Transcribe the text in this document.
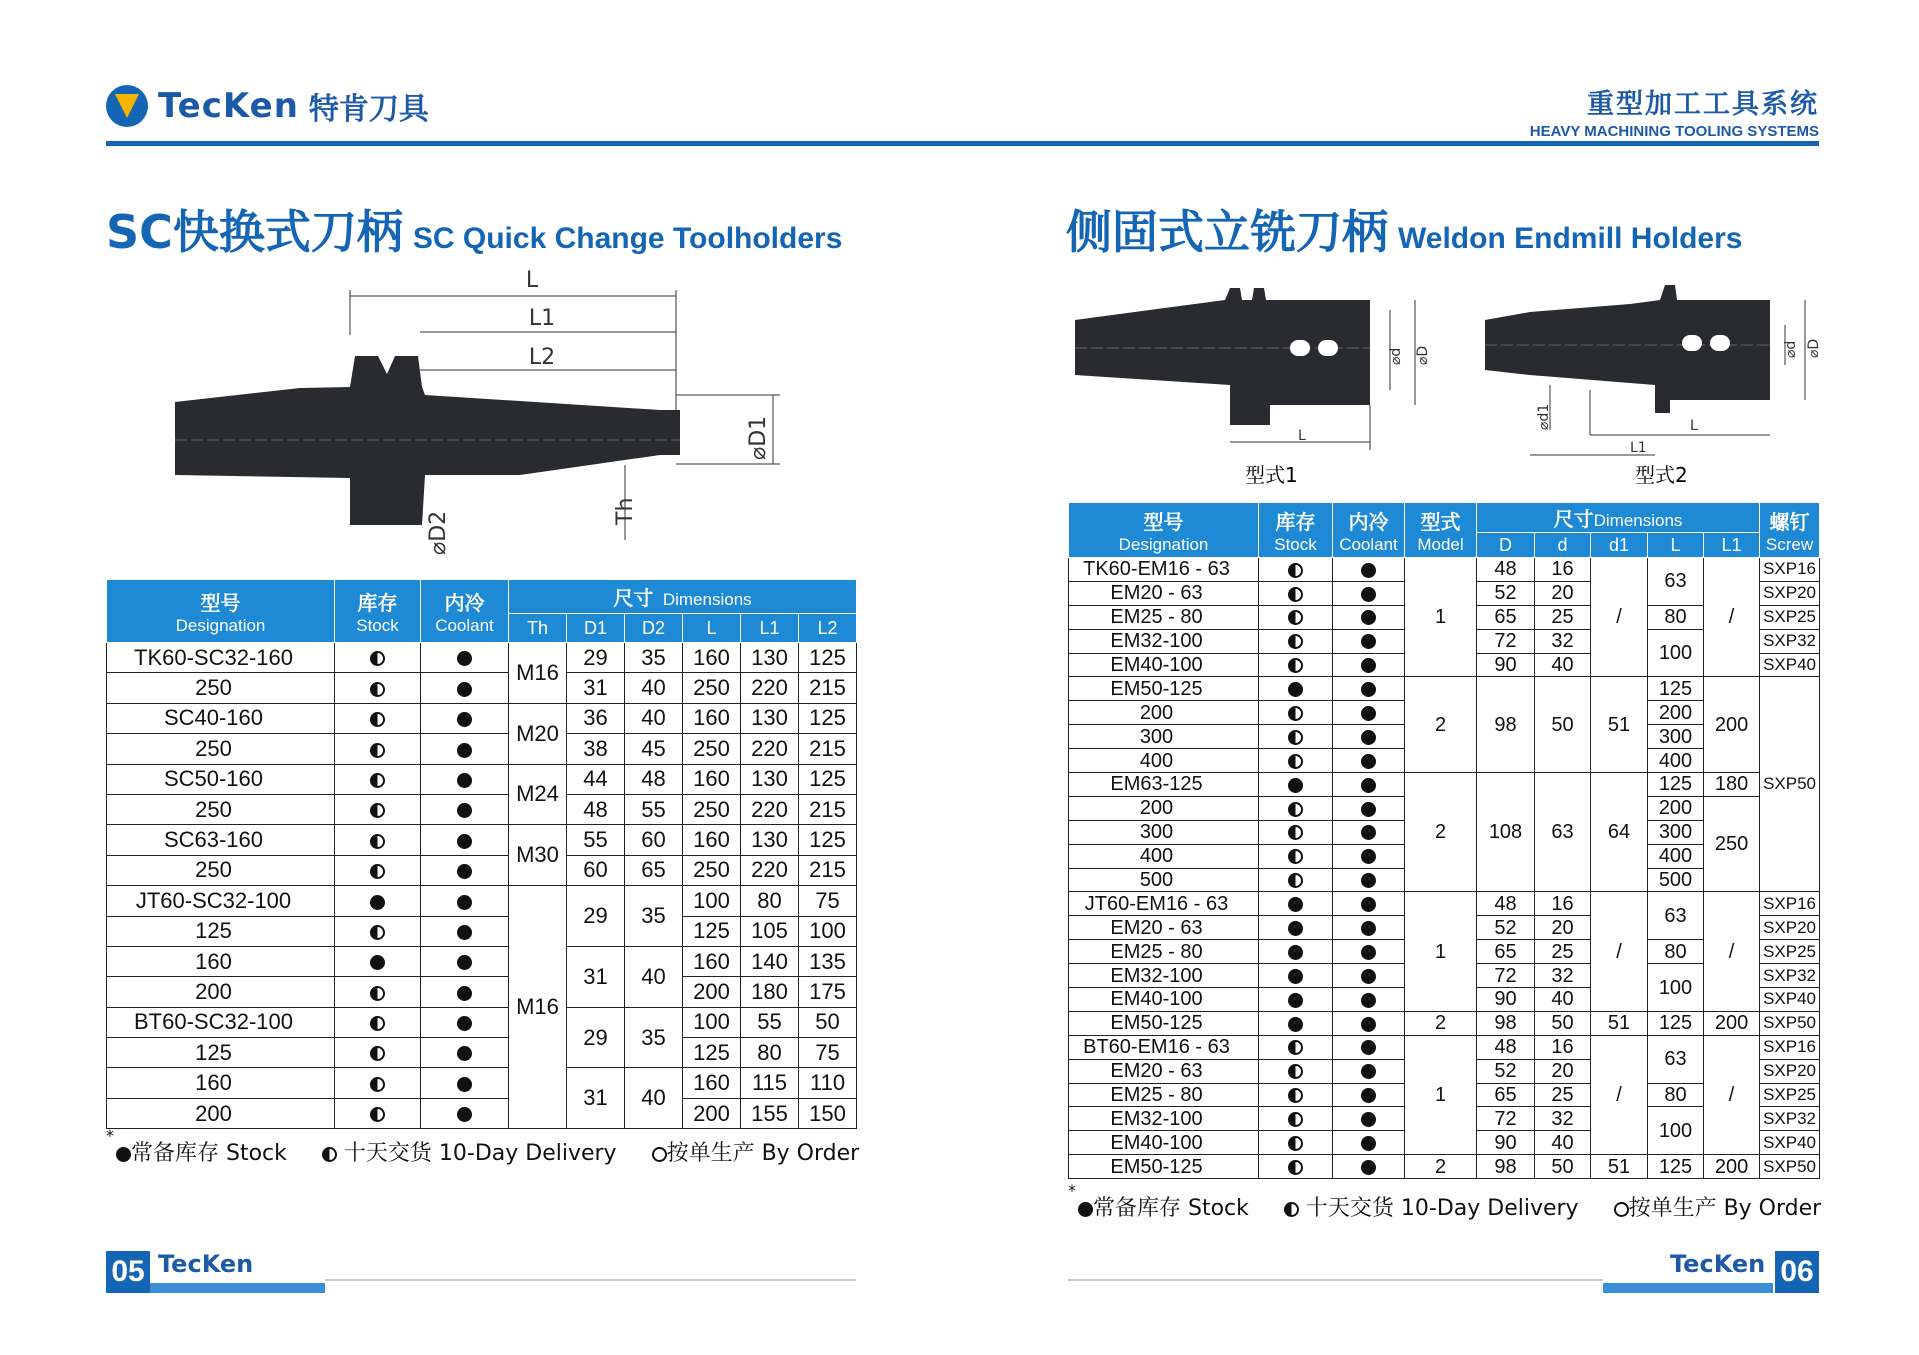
TecKen 特肯刀具	重型加工工具系统
HEAVY MACHINING TOOLING SYSTEMS
SC快换式刀柄 SC Quick Change Toolholders
L
L1
L2
⌀D1
⌀D2	Th
型号
Designation	库存
Stock	内冷
Coolant	尺寸 Dimensions					
			Th	D1	D2	L	L1	L2
TK60-SC32-160			M16	29	35	160	130	125
250				31	40	250	220	215
SC40-160			M20	36	40	160	130	125
250				38	45	250	220	215
SC50-160			M24	44	48	160	130	125
250				48	55	250	220	215
SC63-160			M30	55	60	160	130	125
250				60	65	250	220	215
JT60-SC32-100			M16	29	35	100	80	75
125						125	105	100
160				31	40	160	140	135
200						200	180	175
BT60-SC32-100				29	35	100	55	50
125						125	80	75
160				31	40	160	115	110
200						200	155	150
*
常备库存 Stock	十天交货 10-Day Delivery 按单生产 By Order
侧固式立铣刀柄 Weldon Endmill Holders
L
⌀d ⌀D
L
L1
⌀d ⌀D
⌀d1
型式1	型式2
型号
Designation	库存
Stock	内冷
Coolant	型式
Model	尺寸Dimensions					螺钉
Screw

				D	d	d1	L	L1	
TK60-EM16 - 63			1	48	16	/	63	/	SXP16
EM20 - 63				52	20				SXP20
EM25 - 80				65	25		80		SXP25
EM32-100				72	32		100		SXP32
EM40-100				90	40				SXP40
EM50-125			2	98	50	51	125	200	SXP50
200							200		
300							300		
400							400		
EM63-125			2	108	63	64	125	180	
200							200	250	
300							300		
400							400		
500							500		
JT60-EM16 - 63			1	48	16	/	63	/	SXP16
EM20 - 63				52	20				SXP20
EM25 - 80				65	25		80		SXP25
EM32-100				72	32		100		SXP32
EM40-100				90	40				SXP40
EM50-125			2	98	50	51	125	200	SXP50
BT60-EM16 - 63			1	48	16	/	63	/	SXP16
EM20 - 63				52	20				SXP20
EM25 - 80				65	25		80		SXP25
EM32-100				72	32		100		SXP32
EM40-100				90	40				SXP40
EM50-125			2	98	50	51	125	200	SXP50
*
常备库存 Stock	十天交货 10-Day Delivery 按单生产 By Order
05 TecKen	TecKen 06
